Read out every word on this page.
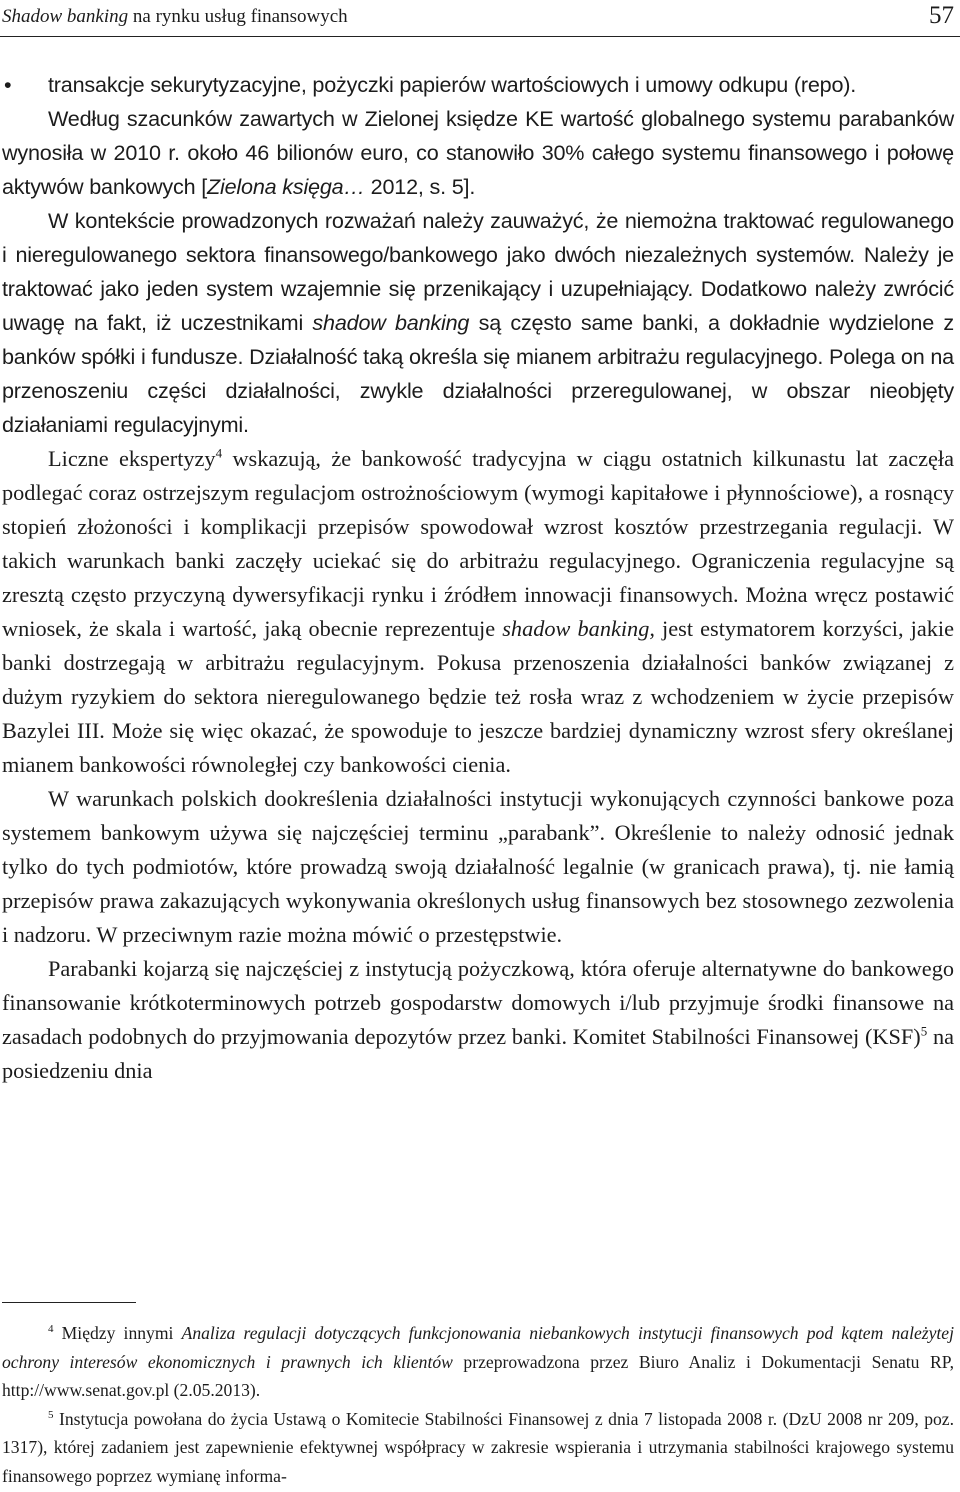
Shadow banking na rynku usług finansowych	57
• transakcje sekurytyzacyjne, pożyczki papierów wartościowych i umowy odkupu (repo).

Według szacunków zawartych w Zielonej księdze KE wartość globalnego systemu parabanków wynosiła w 2010 r. około 46 bilionów euro, co stanowiło 30% całego systemu finansowego i połowę aktywów bankowych [Zielona księga… 2012, s. 5].

W kontekście prowadzonych rozważań należy zauważyć, że niemożna traktować regulowanego i nieregulowanego sektora finansowego/bankowego jako dwóch niezależnych systemów. Należy je traktować jako jeden system wzajemnie się przenikający i uzupełniający. Dodatkowo należy zwrócić uwagę na fakt, iż uczestnikami shadow banking są często same banki, a dokładnie wydzielone z banków spółki i fundusze. Działalność taką określa się mianem arbitrażu regulacyjnego. Polega on na przenoszeniu części działalności, zwykle działalności przeregulowanej, w obszar nieobjęty działaniami regulacyjnymi.

Liczne ekspertyzy$^4$ wskazują, że bankowość tradycyjna w ciągu ostatnich kilkunastu lat zaczęła podlegać coraz ostrzejszym regulacjom ostrożnościowym (wymogi kapitałowe i płynnościowe), a rosnący stopień złożoności i komplikacji przepisów spowodował wzrost kosztów przestrzegania regulacji. W takich warunkach banki zaczęły uciekać się do arbitrażu regulacyjnego. Ograniczenia regulacyjne są zresztą często przyczyną dywersyfikacji rynku i źródłem innowacji finansowych. Można wręcz postawić wniosek, że skala i wartość, jaką obecnie reprezentuje shadow banking, jest estymatorem korzyści, jakie banki dostrzegają w arbitrażu regulacyjnym. Pokusa przenoszenia działalności banków związanej z dużym ryzykiem do sektora nieregulowanego będzie też rosła wraz z wchodzeniem w życie przepisów Bazylei III. Może się więc okazać, że spowoduje to jeszcze bardziej dynamiczny wzrost sfery określanej mianem bankowości równoległej czy bankowości cienia.

W warunkach polskich dookreślenia działalności instytucji wykonujących czynności bankowe poza systemem bankowym używa się najczęściej terminu „parabank”. Określenie to należy odnosić jednak tylko do tych podmiotów, które prowadzą swoją działalność legalnie (w granicach prawa), tj. nie łamią przepisów prawa zakazujących wykonywania określonych usług finansowych bez stosownego zezwolenia i nadzoru. W przeciwnym razie można mówić o przestępstwie.

Parabanki kojarzą się najczęściej z instytucją pożyczkową, która oferuje alternatywne do bankowego finansowanie krótkoterminowych potrzeb gospodarstw domowych i/lub przyjmuje środki finansowe na zasadach podobnych do przyjmowania depozytów przez banki. Komitet Stabilności Finansowej (KSF)$^5$ na posiedzeniu dnia

$^4$ Między innymi Analiza regulacji dotyczących funkcjonowania niebankowych instytucji finansowych pod kątem należytej ochrony interesów ekonomicznych i prawnych ich klientów przeprowadzona przez Biuro Analiz i Dokumentacji Senatu RP, http://www.senat.gov.pl (2.05.2013).

$^5$ Instytucja powołana do życia Ustawą o Komitecie Stabilności Finansowej z dnia 7 listopada 2008 r. (DzU 2008 nr 209, poz. 1317), której zadaniem jest zapewnienie efektywnej współpracy w zakresie wspierania i utrzymania stabilności krajowego systemu finansowego poprzez wymianę informa-
